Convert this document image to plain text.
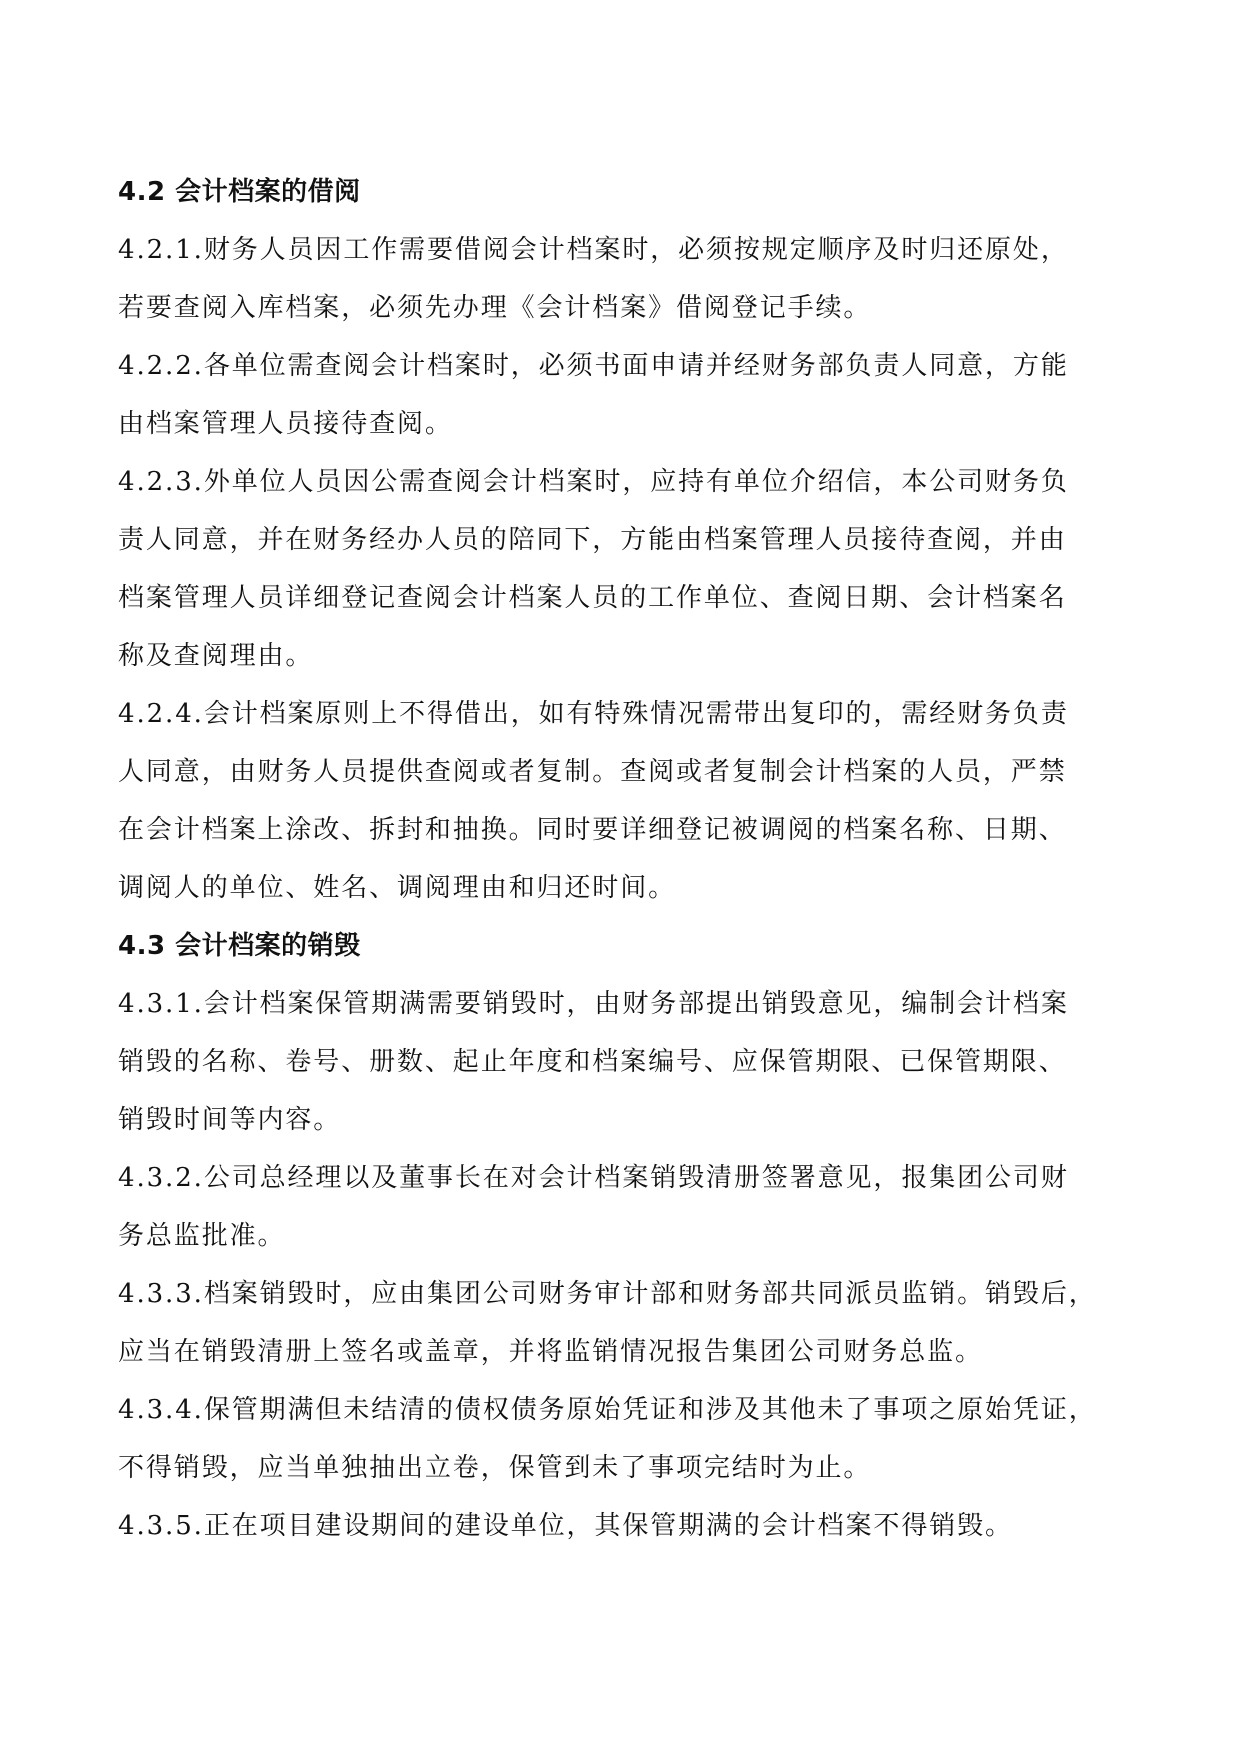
4.2 会计档案的借阅

4.2.1.财务人员因工作需要借阅会计档案时，必须按规定顺序及时归还原处，
若要查阅入库档案，必须先办理《会计档案》借阅登记手续。

4.2.2.各单位需查阅会计档案时，必须书面申请并经财务部负责人同意，方能
由档案管理人员接待查阅。

4.2.3.外单位人员因公需查阅会计档案时，应持有单位介绍信，本公司财务负
责人同意，并在财务经办人员的陪同下，方能由档案管理人员接待查阅，并由
档案管理人员详细登记查阅会计档案人员的工作单位、查阅日期、会计档案名
称及查阅理由。

4.2.4.会计档案原则上不得借出，如有特殊情况需带出复印的，需经财务负责
人同意，由财务人员提供查阅或者复制。查阅或者复制会计档案的人员，严禁
在会计档案上涂改、拆封和抽换。同时要详细登记被调阅的档案名称、日期、
调阅人的单位、姓名、调阅理由和归还时间。

4.3 会计档案的销毁

4.3.1.会计档案保管期满需要销毁时，由财务部提出销毁意见，编制会计档案
销毁的名称、卷号、册数、起止年度和档案编号、应保管期限、已保管期限、
销毁时间等内容。

4.3.2.公司总经理以及董事长在对会计档案销毁清册签署意见，报集团公司财
务总监批准。

4.3.3.档案销毁时，应由集团公司财务审计部和财务部共同派员监销。销毁后，
应当在销毁清册上签名或盖章，并将监销情况报告集团公司财务总监。

4.3.4.保管期满但未结清的债权债务原始凭证和涉及其他未了事项之原始凭证，
不得销毁，应当单独抽出立卷，保管到未了事项完结时为止。

4.3.5.正在项目建设期间的建设单位，其保管期满的会计档案不得销毁。
